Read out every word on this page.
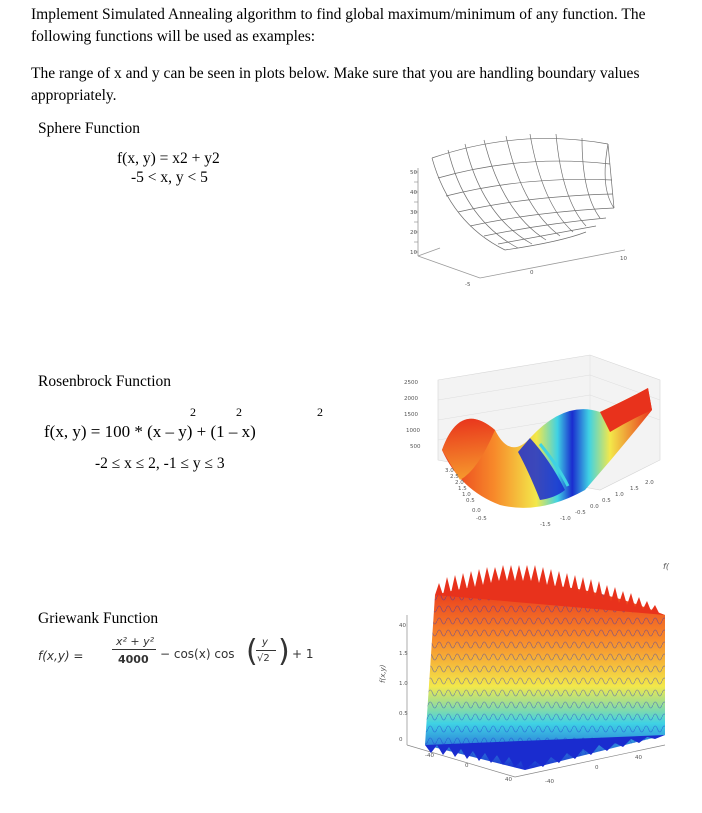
Implement Simulated Annealing algorithm to find global maximum/minimum of any function. The

following functions will be used as examples:

The range of x and y can be seen in plots below. Make sure that you are handling boundary values

appropriately.

Sphere Function
f(x, y) = x2 + y2
-5 < x, y < 5	50
40
30
20
10
-5
0
10
Rosenbrock Function
2	2	2
f(x, y) = 100 * (x – y) + (1 – x)
-2 ≤ x ≤ 2, -1 ≤ y ≤ 3
2500
2000
1500
1000
500
3.0
2.5
2.0
1.5
1.0
0.5
0.0
-0.5
-1.5
-1.0
-0.5
0.0
0.5
1.0
1.5
2.0
Griewank Function
f(x,y) =
x² + y²
4000 − cos(x) cos ( y
√2 ) + 1
f(
40
1.5
1.0
0.5
0
-40
0
40	-40
0
40
f(x,y)
